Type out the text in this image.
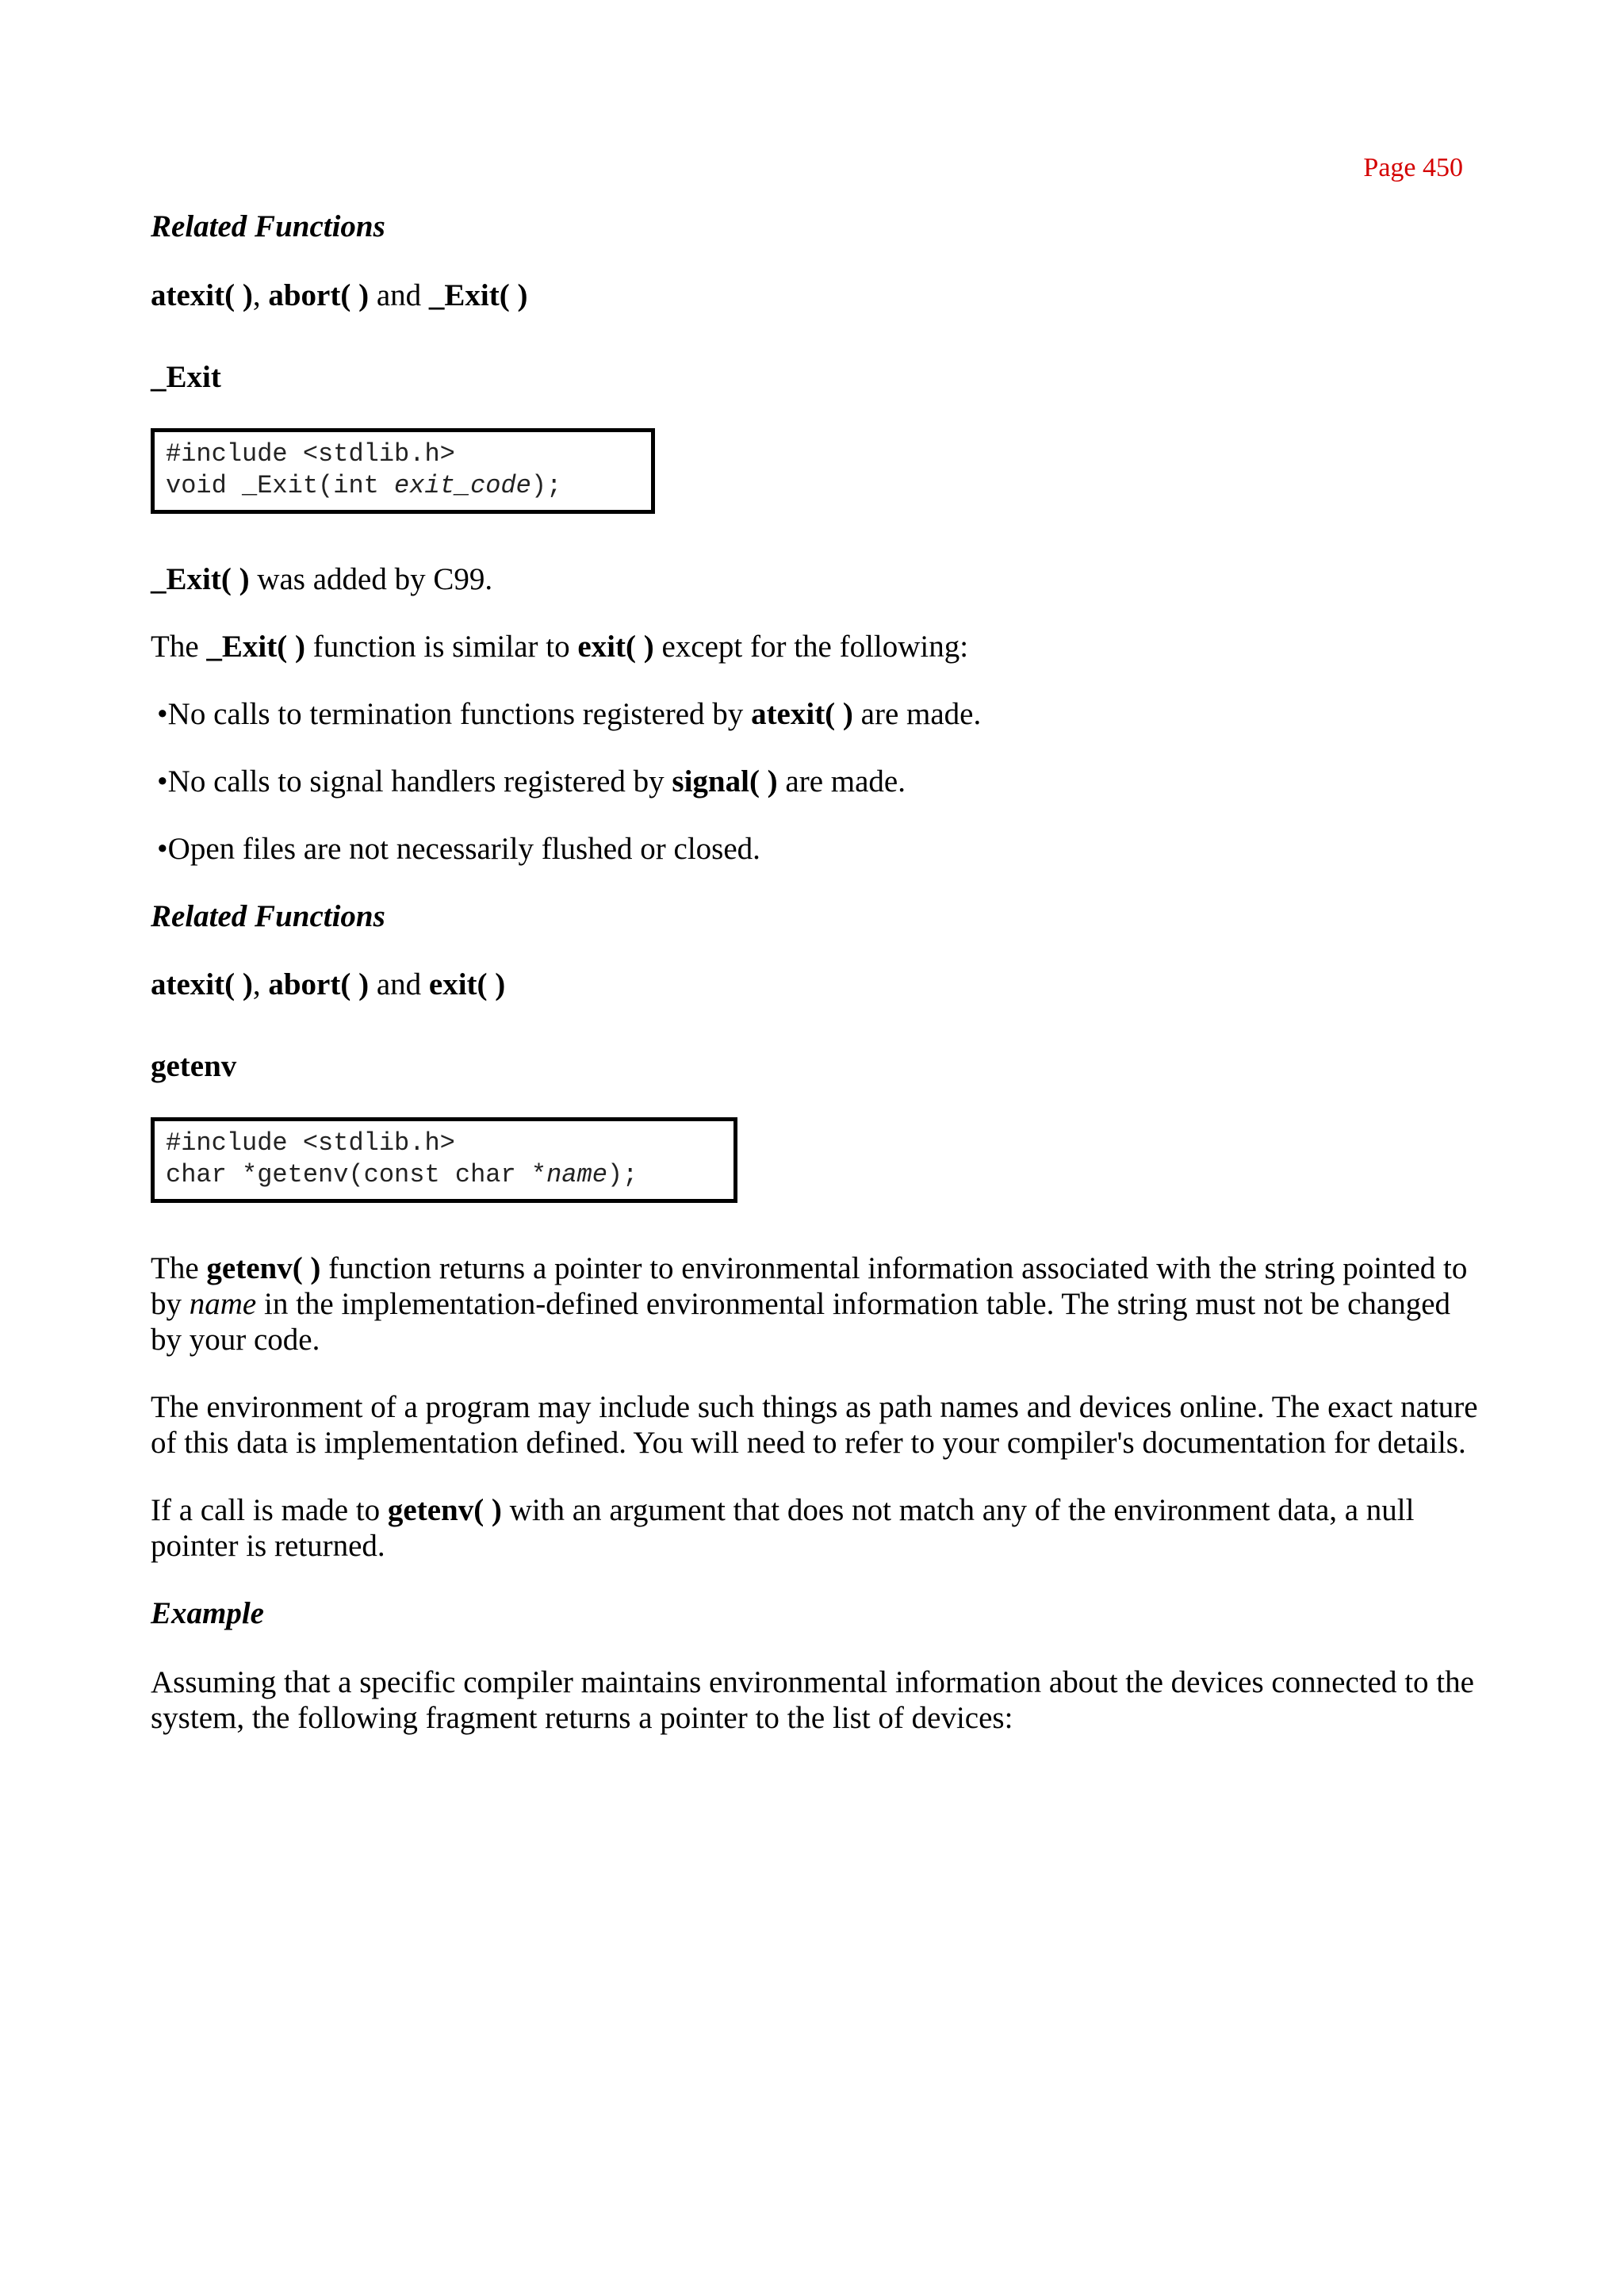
Page 450
Related Functions
atexit( ), abort( ) and _Exit( )
_Exit
#include <stdlib.h>
void _Exit(int exit_code);
_Exit( ) was added by C99.
The _Exit( ) function is similar to exit( ) except for the following:
•No calls to termination functions registered by atexit( ) are made.
•No calls to signal handlers registered by signal( ) are made.
•Open files are not necessarily flushed or closed.
Related Functions
atexit( ), abort( ) and exit( )
getenv
#include <stdlib.h>
char *getenv(const char *name);
The getenv( ) function returns a pointer to environmental information associated with the string pointed to by name in the implementation-defined environmental information table. The string must not be changed by your code.
The environment of a program may include such things as path names and devices online. The exact nature of this data is implementation defined. You will need to refer to your compiler's documentation for details.
If a call is made to getenv( ) with an argument that does not match any of the environment data, a null pointer is returned.
Example
Assuming that a specific compiler maintains environmental information about the devices connected to the system, the following fragment returns a pointer to the list of devices:
